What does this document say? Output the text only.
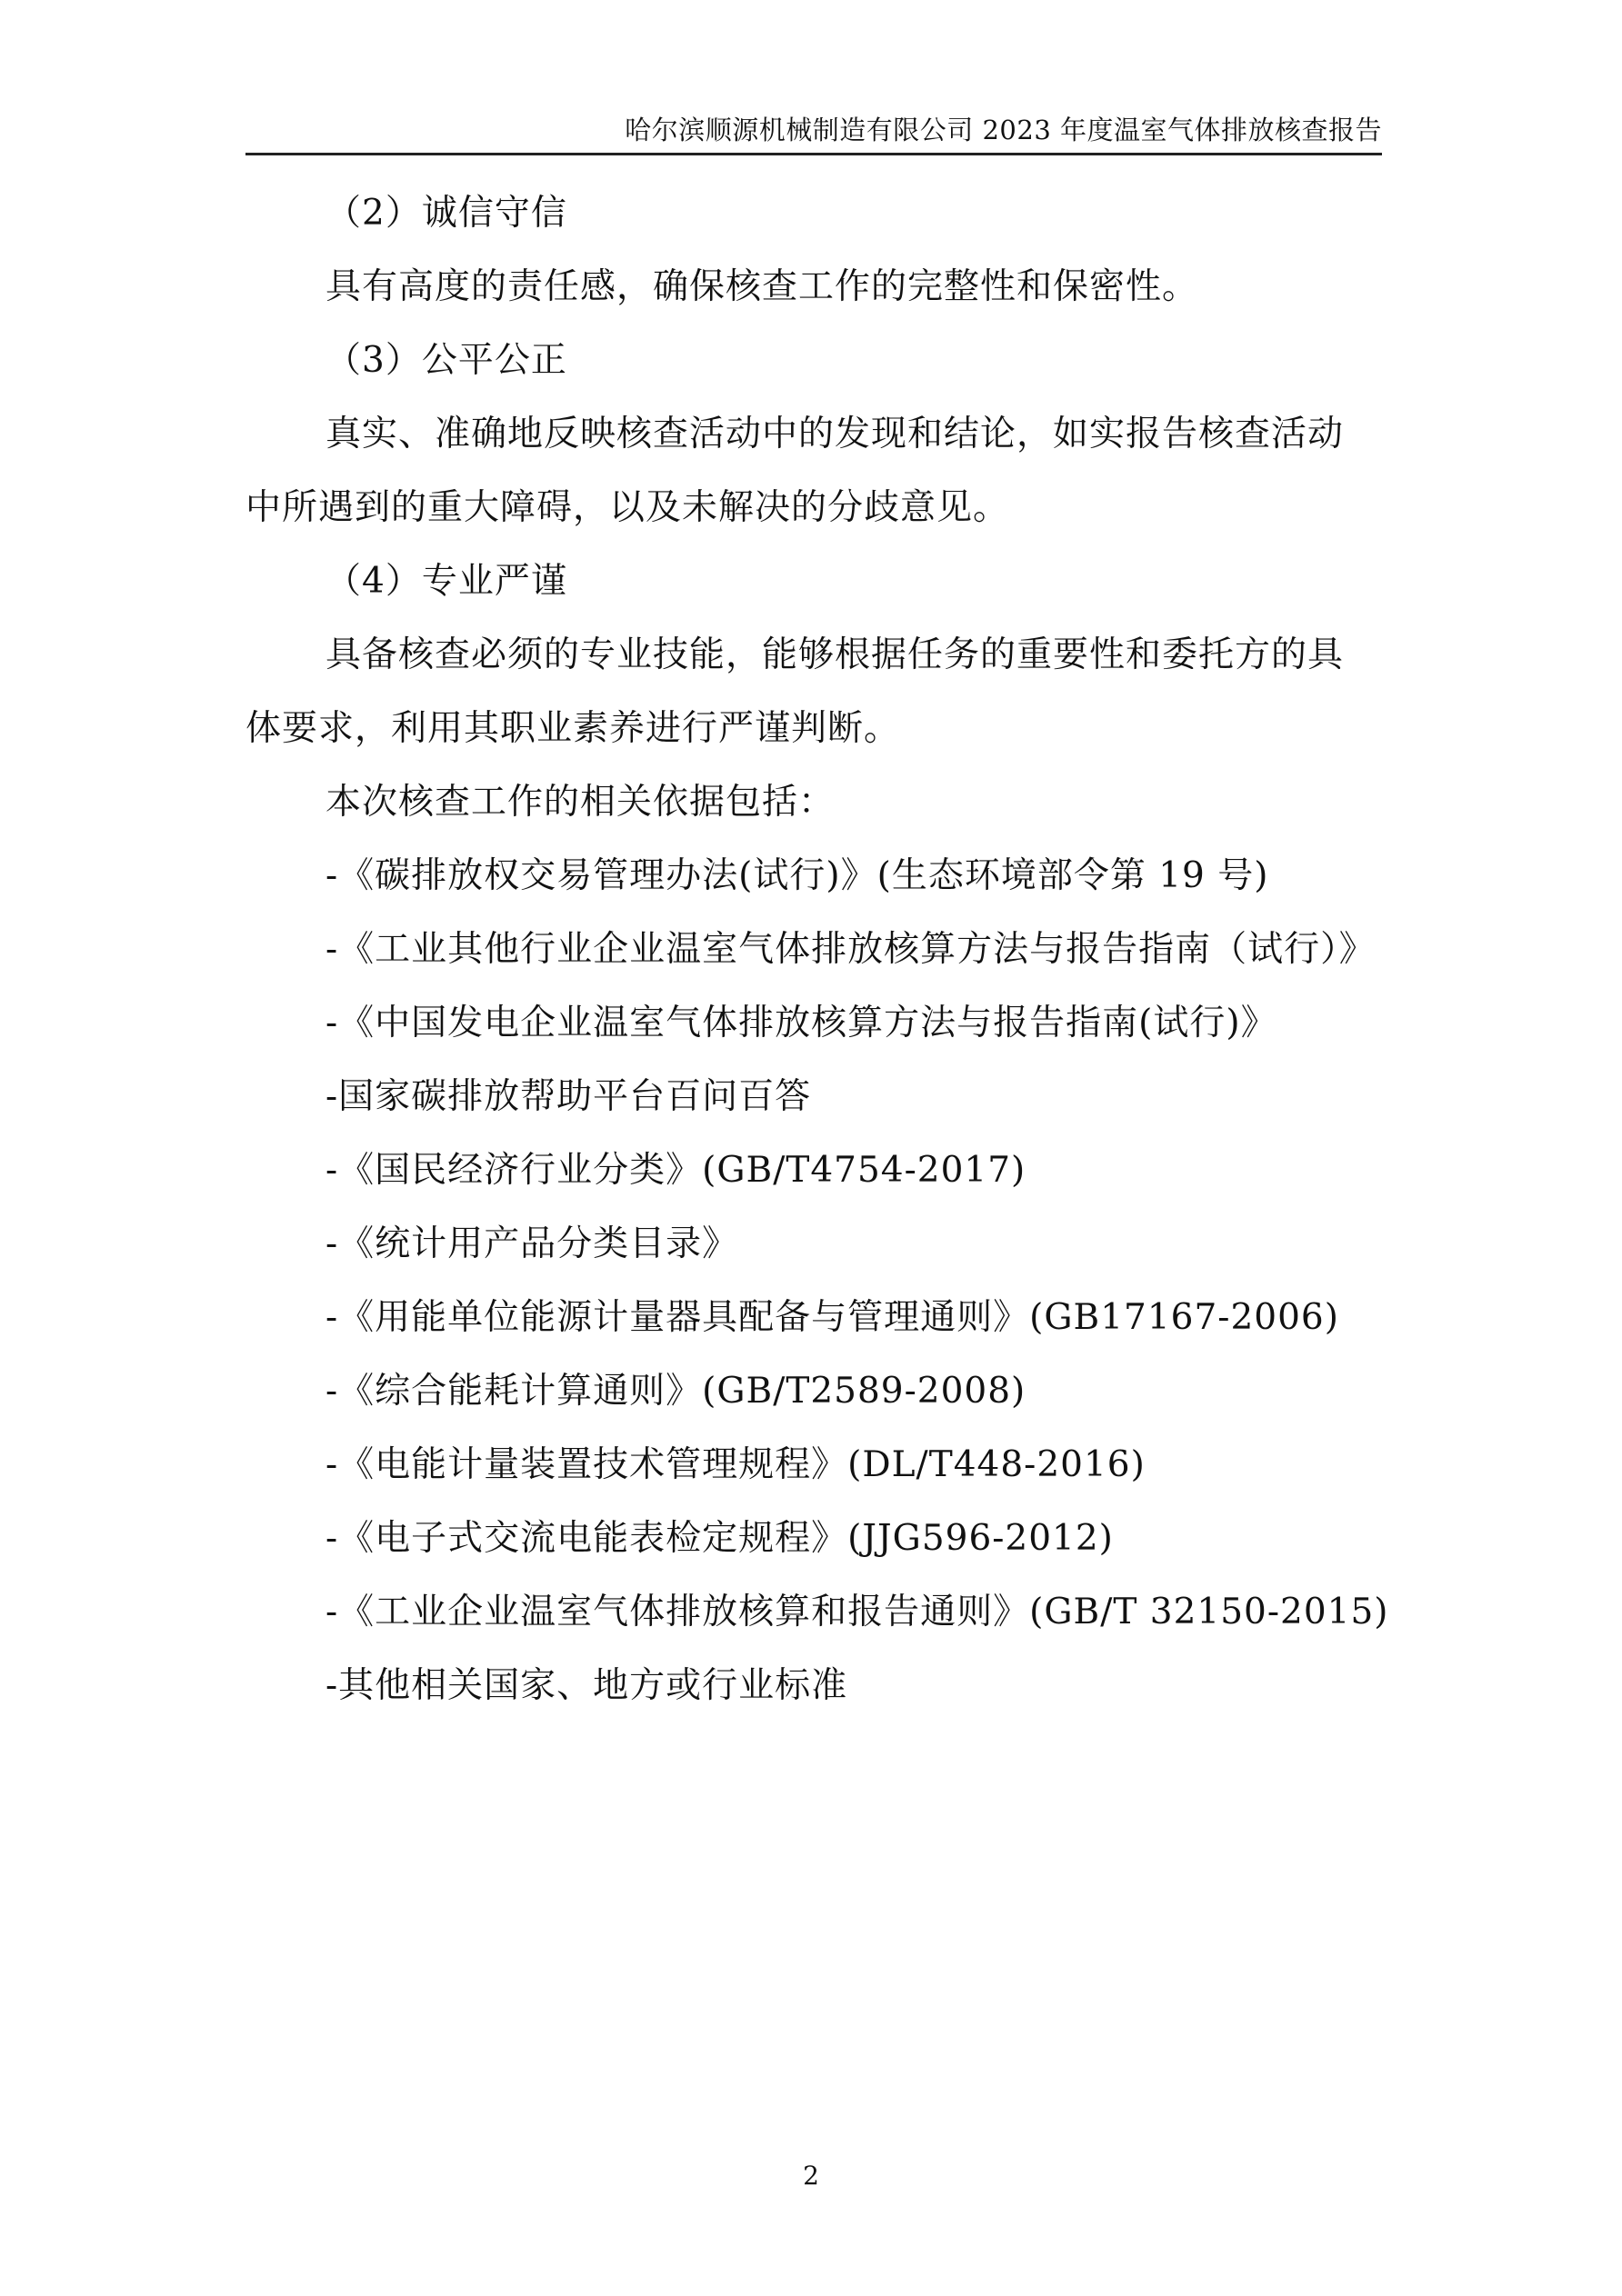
哈尔滨顺源机械制造有限公司 2023 年度温室气体排放核查报告
（2）诚信守信
具有高度的责任感，确保核查工作的完整性和保密性。
（3）公平公正
真实、准确地反映核查活动中的发现和结论，如实报告核查活动
中所遇到的重大障碍，以及未解决的分歧意见。
（4）专业严谨
具备核查必须的专业技能，能够根据任务的重要性和委托方的具
体要求，利用其职业素养进行严谨判断。
本次核查工作的相关依据包括：
-《碳排放权交易管理办法(试行)》(生态环境部令第 19 号)
-《工业其他行业企业温室气体排放核算方法与报告指南（试行）》
-《中国发电企业温室气体排放核算方法与报告指南(试行)》
-国家碳排放帮助平台百问百答
-《国民经济行业分类》(GB/T4754-2017)
-《统计用产品分类目录》
-《用能单位能源计量器具配备与管理通则》(GB17167-2006)
-《综合能耗计算通则》(GB/T2589-2008)
-《电能计量装置技术管理规程》(DL/T448-2016)
-《电子式交流电能表检定规程》(JJG596-2012)
-《工业企业温室气体排放核算和报告通则》(GB/T 32150-2015)
-其他相关国家、地方或行业标准
2
